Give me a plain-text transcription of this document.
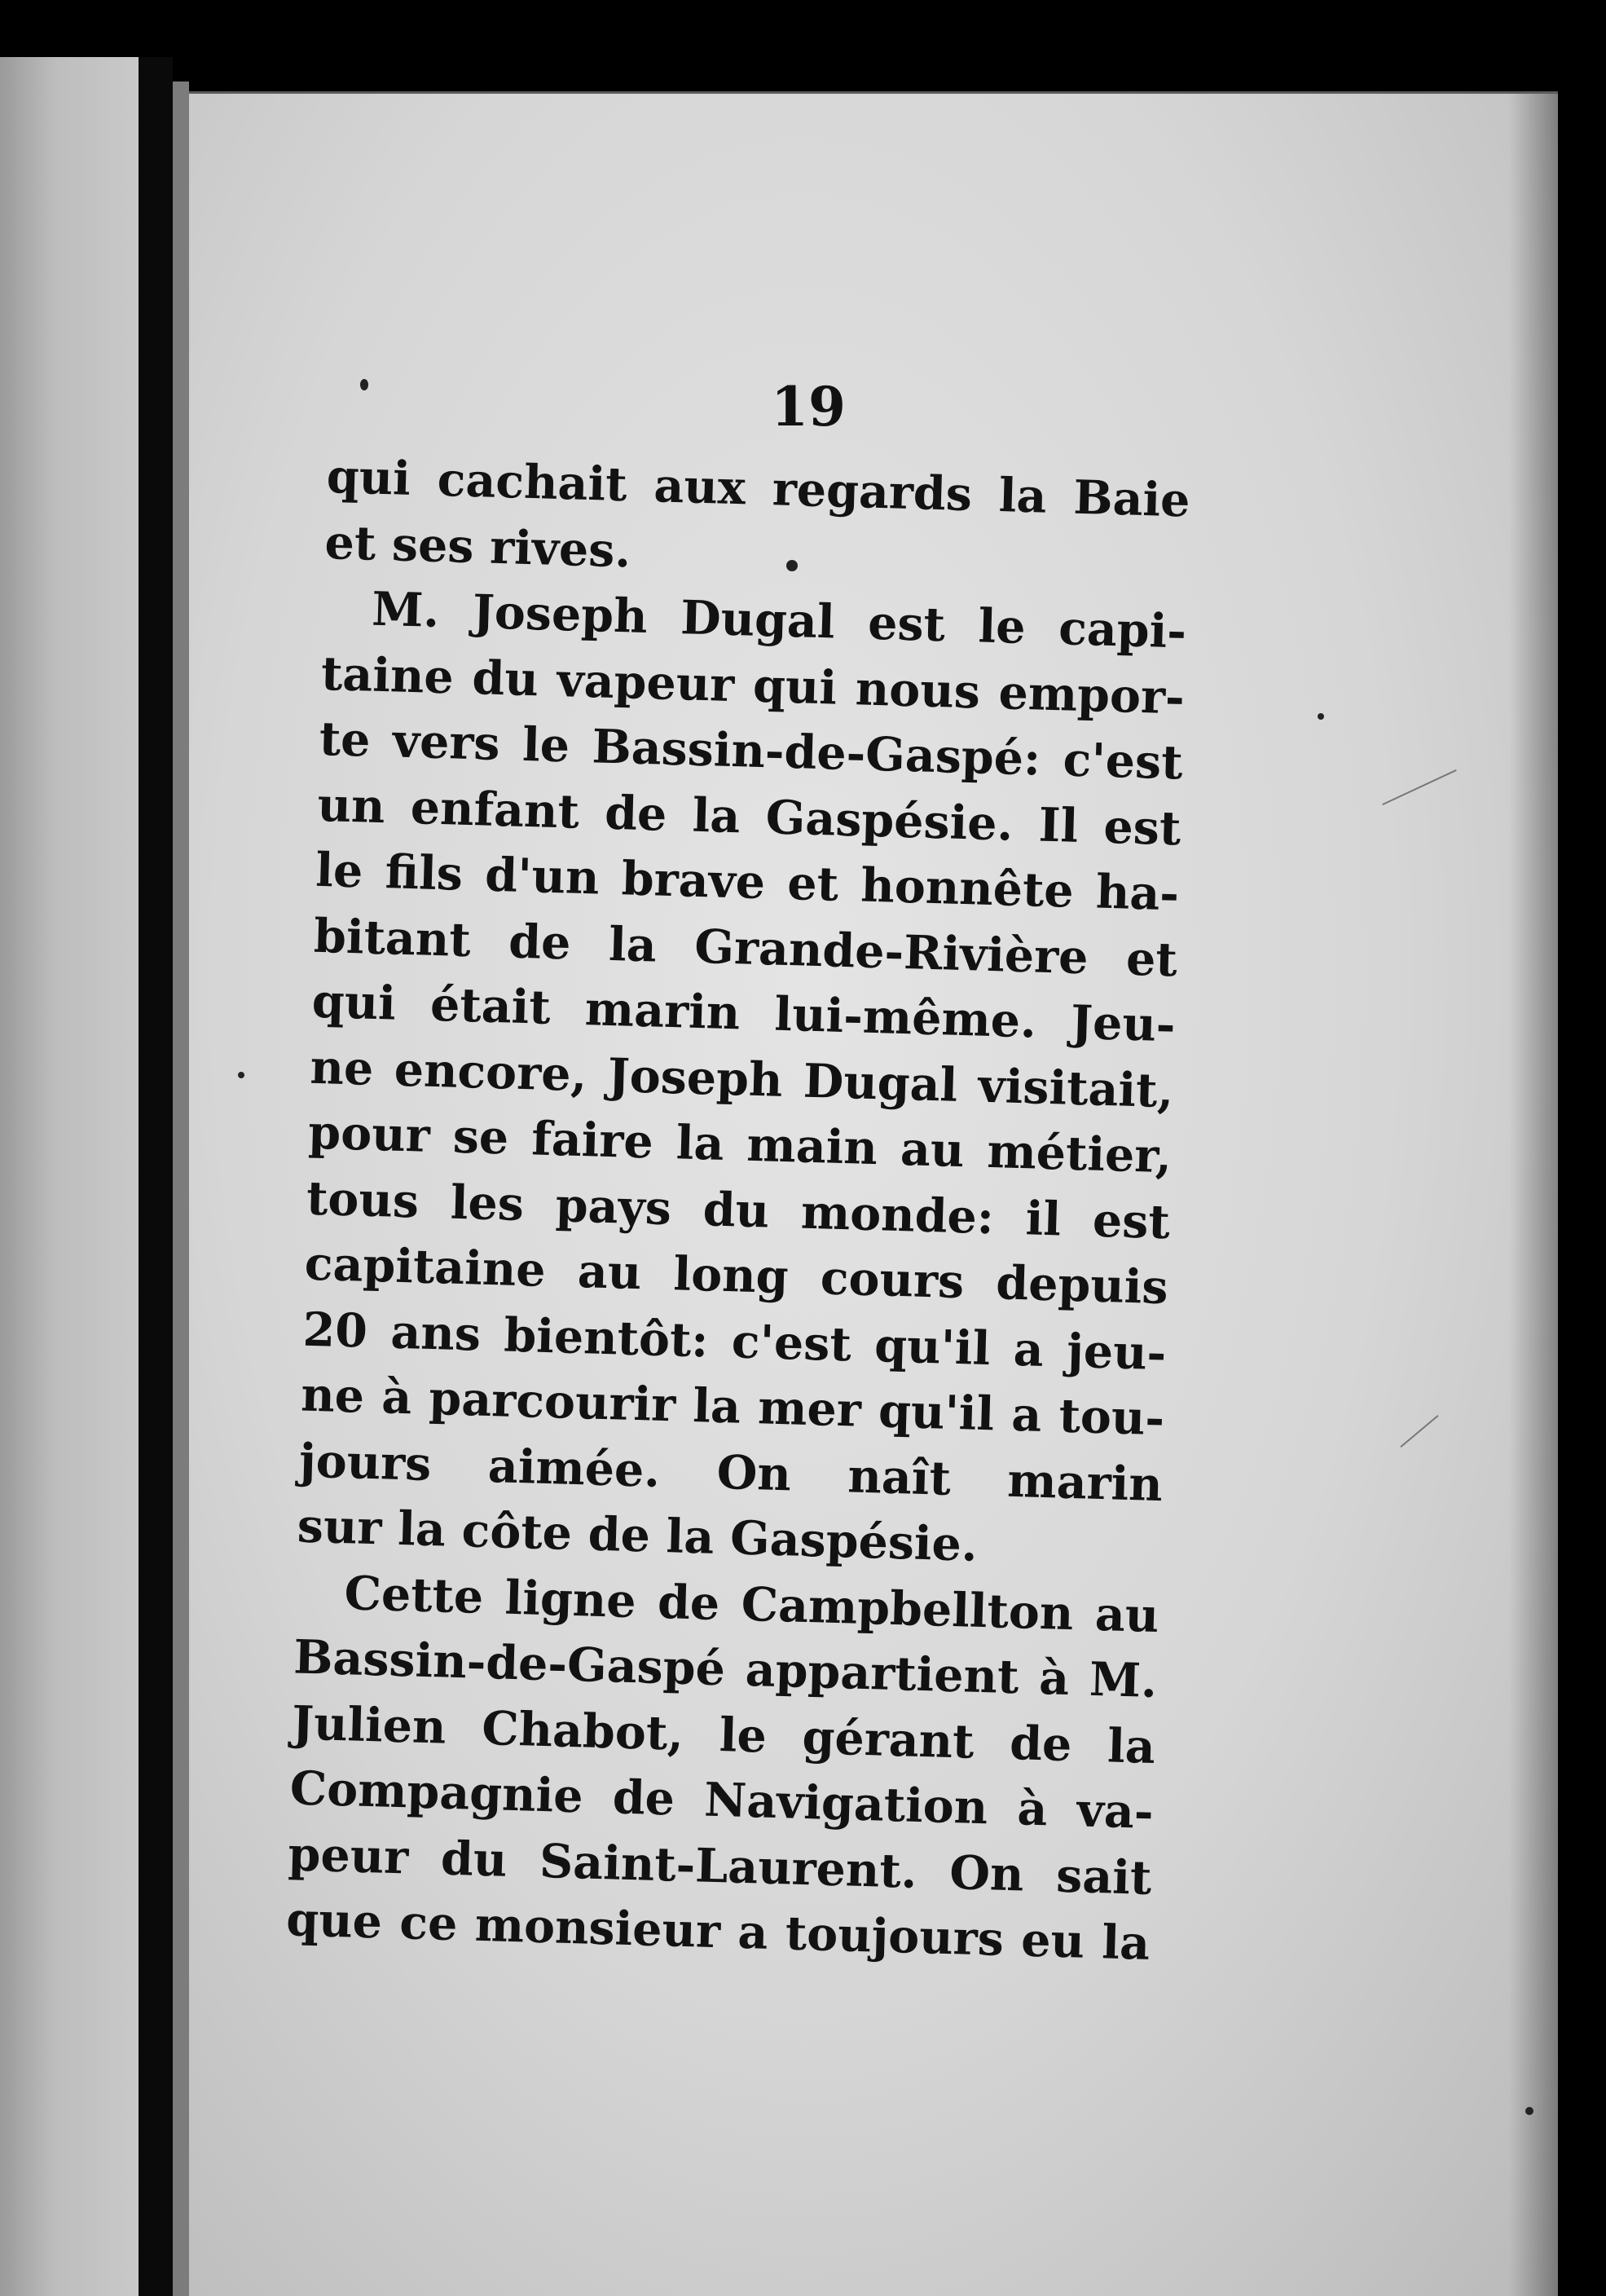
19
qui cachait aux regards la Baie
et ses rives.
M. Joseph Dugal est le capi-
taine du vapeur qui nous empor-
te vers le Bassin-de-Gaspé: c'est
un enfant de la Gaspésie. Il est
le fils d'un brave et honnête ha-
bitant de la Grande-Rivière et
qui était marin lui-même. Jeu-
ne encore, Joseph Dugal visitait,
pour se faire la main au métier,
tous les pays du monde: il est
capitaine au long cours depuis
20 ans bientôt: c'est qu'il a jeu-
ne à parcourir la mer qu'il a tou-
jours aimée. On naît marin
sur la côte de la Gaspésie.
Cette ligne de Campbellton au
Bassin-de-Gaspé appartient à M.
Julien Chabot, le gérant de la
Compagnie de Navigation à va-
peur du Saint-Laurent. On sait
que ce monsieur a toujours eu la
